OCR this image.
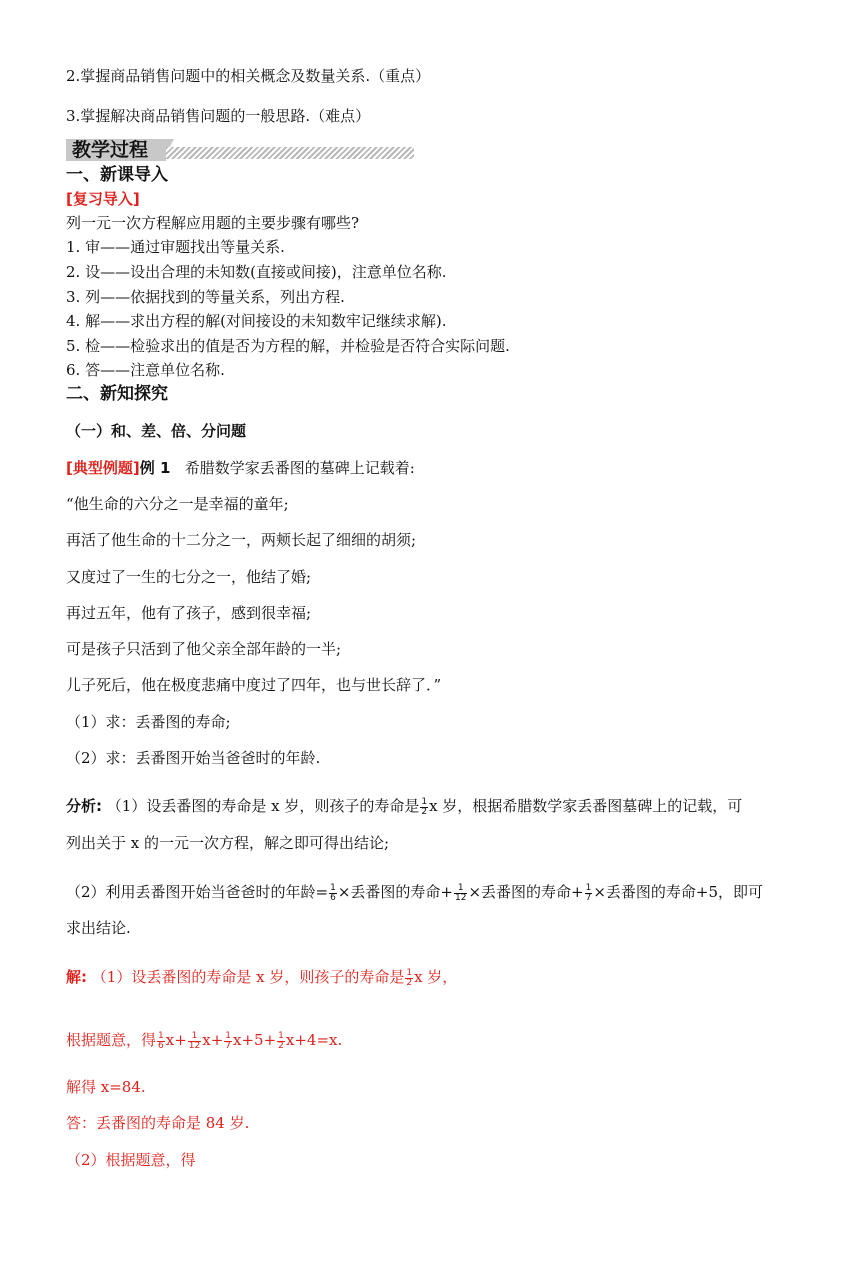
2.掌握商品销售问题中的相关概念及数量关系.（重点）
3.掌握解决商品销售问题的一般思路.（难点）
教学过程
一、新课导入
[复习导入]
列一元一次方程解应用题的主要步骤有哪些?
1. 审——通过审题找出等量关系.
2. 设——设出合理的未知数(直接或间接)，注意单位名称.
3. 列——依据找到的等量关系，列出方程.
4. 解——求出方程的解(对间接设的未知数牢记继续求解).
5. 检——检验求出的值是否为方程的解，并检验是否符合实际问题.
6. 答——注意单位名称.
二、新知探究
（一）和、差、倍、分问题
[典型例题]例 1 希腊数学家丢番图的墓碑上记载着:
“他生命的六分之一是幸福的童年;
再活了他生命的十二分之一，两颊长起了细细的胡须;
又度过了一生的七分之一，他结了婚;
再过五年，他有了孩子，感到很幸福;
可是孩子只活到了他父亲全部年龄的一半;
儿子死后，他在极度悲痛中度过了四年，也与世长辞了．”
（1）求：丢番图的寿命;
（2）求：丢番图开始当爸爸时的年龄.
分析: （1）设丢番图的寿命是 x 岁，则孩子的寿命是 $\frac{1}{2}$ x 岁，根据希腊数学家丢番图墓碑上的记载，可
列出关于 x 的一元一次方程，解之即可得出结论;
（2）利用丢番图开始当爸爸时的年龄= $\frac{1}{6}$ ×丢番图的寿命+ $\frac{1}{12}$ ×丢番图的寿命+ $\frac{1}{7}$ ×丢番图的寿命+5，即可
求出结论.
解: （1）设丢番图的寿命是 x 岁，则孩子的寿命是 $\frac{1}{2}$ x 岁，
根据题意，得 $\frac{1}{6} x+ \frac{1}{12} x+ \frac{1}{7} x+5+ \frac{1}{2} x+4=x$.
解得 x=84.
答：丢番图的寿命是 84 岁.
（2）根据题意，得
